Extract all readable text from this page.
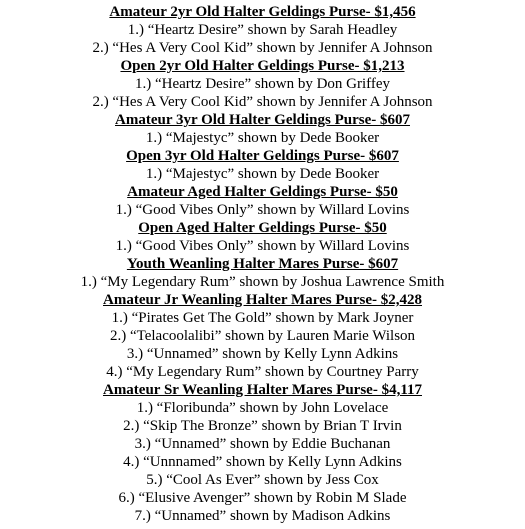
Amateur 2yr Old Halter Geldings Purse- $1,456
1.) “Heartz Desire” shown by Sarah Headley
2.) “Hes A Very Cool Kid” shown by Jennifer A Johnson
Open 2yr Old Halter Geldings Purse- $1,213
1.) “Heartz Desire” shown by Don Griffey
2.) “Hes A Very Cool Kid” shown by Jennifer A Johnson
Amateur 3yr Old Halter Geldings Purse- $607
1.) “Majestyc” shown by Dede Booker
Open 3yr Old Halter Geldings Purse- $607
1.) “Majestyc” shown by Dede Booker
Amateur Aged Halter Geldings Purse- $50
1.) “Good Vibes Only” shown by Willard Lovins
Open Aged Halter Geldings Purse- $50
1.) “Good Vibes Only” shown by Willard Lovins
Youth Weanling Halter Mares Purse- $607
1.) “My Legendary Rum” shown by Joshua Lawrence Smith
Amateur Jr Weanling Halter Mares Purse- $2,428
1.) “Pirates Get The Gold” shown by Mark Joyner
2.) “Telacoolalibi” shown by Lauren Marie Wilson
3.) “Unnamed” shown by Kelly Lynn Adkins
4.) “My Legendary Rum” shown by Courtney Parry
Amateur Sr Weanling Halter Mares Purse- $4,117
1.) “Floribunda” shown by John Lovelace
2.) “Skip The Bronze” shown by Brian T Irvin
3.) “Unnamed” shown by Eddie Buchanan
4.) “Unnnamed” shown by Kelly Lynn Adkins
5.) “Cool As Ever” shown by Jess Cox
6.) “Elusive Avenger” shown by Robin M Slade
7.) “Unnamed” shown by Madison Adkins
